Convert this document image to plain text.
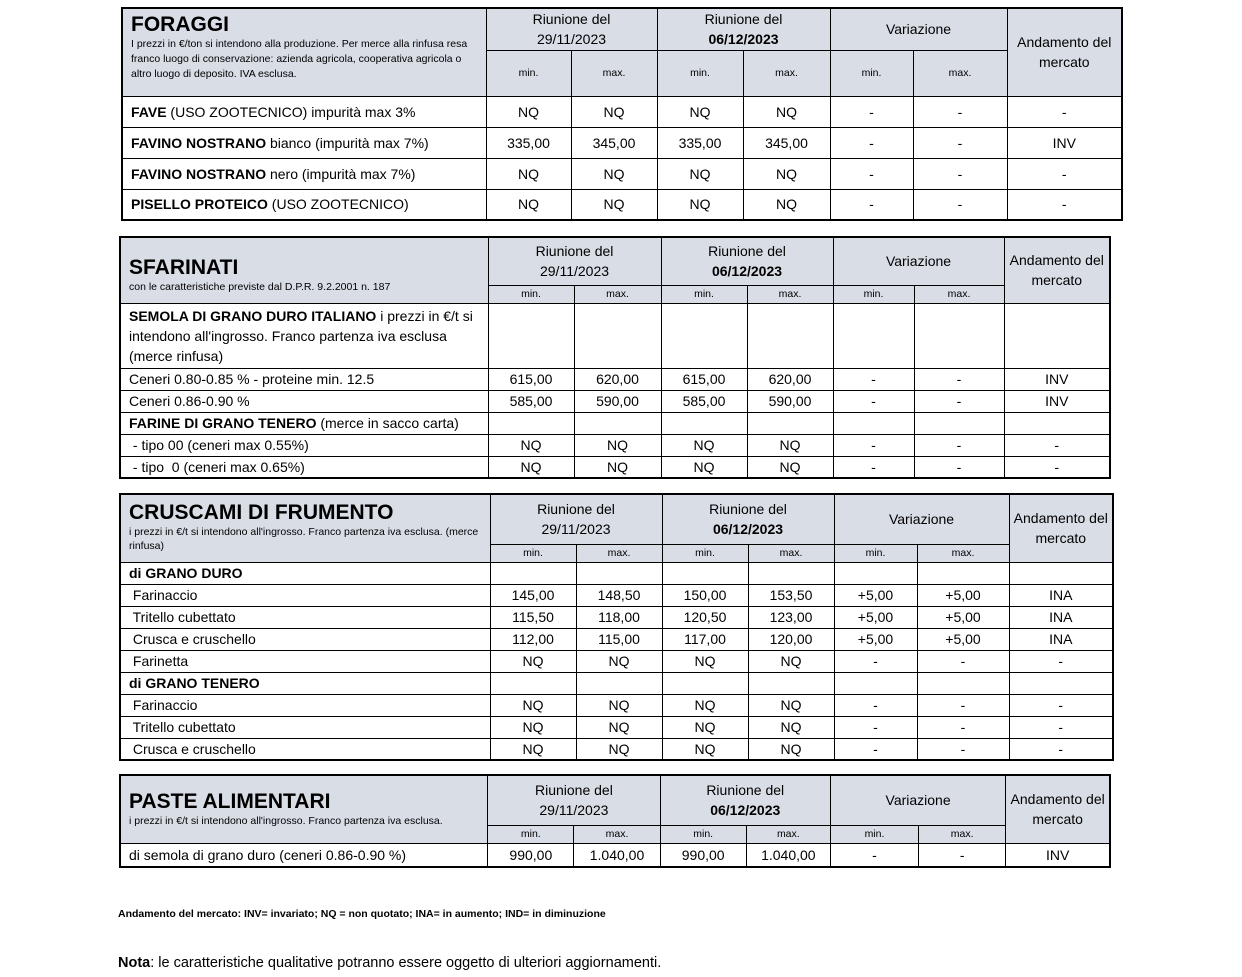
FORAGGI
I prezzi in €/ton si intendono alla produzione. Per merce alla rinfusa resa franco luogo di conservazione: azienda agricola, cooperativa agricola o altro luogo di deposito. IVA esclusa.	Riunione del
29/11/2023		Riunione del
06/12/2023		Variazione		Andamento del mercato
	min.	max.	min.	max.	min.	max.	
FAVE (USO ZOOTECNICO) impurità max 3%	NQ	NQ	NQ	NQ	-	-	-
FAVINO NOSTRANO bianco (impurità max 7%)	335,00	345,00	335,00	345,00	-	-	INV
FAVINO NOSTRANO nero (impurità max 7%)	NQ	NQ	NQ	NQ	-	-	-
PISELLO PROTEICO (USO ZOOTECNICO)	NQ	NQ	NQ	NQ	-	-	-
SFARINATI
con le caratteristiche previste dal D.P.R. 9.2.2001 n. 187	Riunione del
29/11/2023		Riunione del
06/12/2023		Variazione		Andamento del mercato
	min.	max.	min.	max.	min.	max.	
SEMOLA DI GRANO DURO ITALIANO i prezzi in €/t si intendono all'ingrosso. Franco partenza iva esclusa (merce rinfusa)							
Ceneri 0.80-0.85 % - proteine min. 12.5	615,00	620,00	615,00	620,00	-	-	INV
Ceneri 0.86-0.90 %	585,00	590,00	585,00	590,00	-	-	INV
FARINE DI GRANO TENERO (merce in sacco carta)							
- tipo 00 (ceneri max 0.55%)	NQ	NQ	NQ	NQ	-	-	-
- tipo  0 (ceneri max 0.65%)	NQ	NQ	NQ	NQ	-	-	-
CRUSCAMI DI FRUMENTO
i prezzi in €/t si intendono all'ingrosso. Franco partenza iva esclusa. (merce rinfusa)	Riunione del
29/11/2023		Riunione del
06/12/2023		Variazione		Andamento del mercato
	min.	max.	min.	max.	min.	max.	
di GRANO DURO							
Farinaccio	145,00	148,50	150,00	153,50	+5,00	+5,00	INA
Tritello cubettato	115,50	118,00	120,50	123,00	+5,00	+5,00	INA
Crusca e cruschello	112,00	115,00	117,00	120,00	+5,00	+5,00	INA
Farinetta	NQ	NQ	NQ	NQ	-	-	-
di GRANO TENERO							
Farinaccio	NQ	NQ	NQ	NQ	-	-	-
Tritello cubettato	NQ	NQ	NQ	NQ	-	-	-
Crusca e cruschello	NQ	NQ	NQ	NQ	-	-	-
PASTE ALIMENTARI
i prezzi in €/t si intendono all'ingrosso. Franco partenza iva esclusa.	Riunione del
29/11/2023		Riunione del
06/12/2023		Variazione		Andamento del mercato
	min.	max.	min.	max.	min.	max.	
di semola di grano duro (ceneri 0.86-0.90 %)	990,00	1.040,00	990,00	1.040,00	-	-	INV
Andamento del mercato: INV= invariato; NQ = non quotato; INA= in aumento; IND= in diminuzione
Nota: le caratteristiche qualitative potranno essere oggetto di ulteriori aggiornamenti.
